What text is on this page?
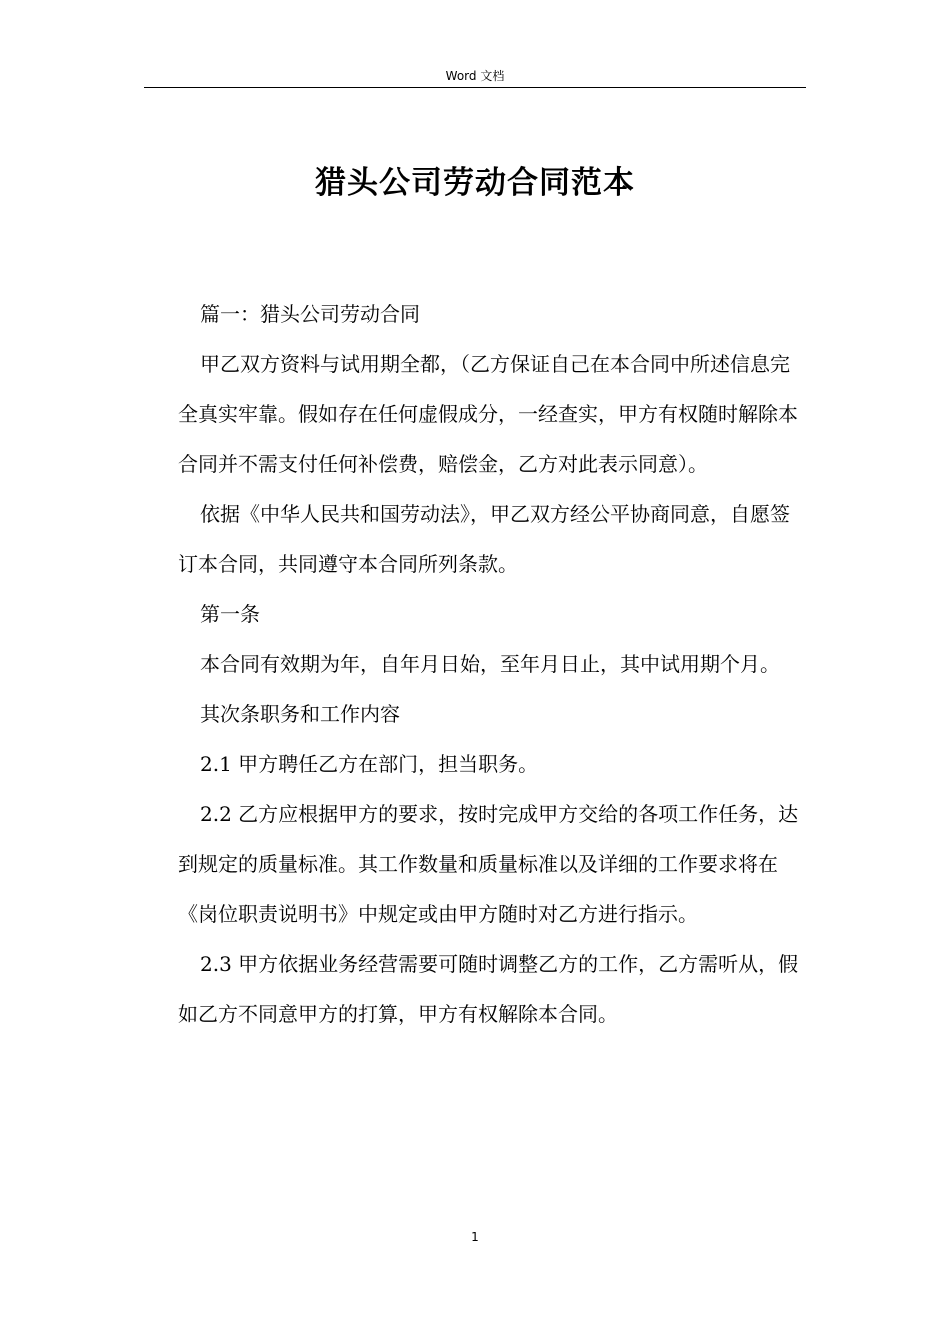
Word 文档
猎头公司劳动合同范本

篇一：猎头公司劳动合同

甲乙双方资料与试用期全都，（乙方保证自己在本合同中所述信息完全真实牢靠。假如存在任何虚假成分，一经查实，甲方有权随时解除本合同并不需支付任何补偿费，赔偿金，乙方对此表示同意）。

依据《中华人民共和国劳动法》，甲乙双方经公平协商同意，自愿签订本合同，共同遵守本合同所列条款。

第一条

本合同有效期为年，自年月日始，至年月日止，其中试用期个月。

其次条职务和工作内容

2.1 甲方聘任乙方在部门，担当职务。

2.2 乙方应根据甲方的要求，按时完成甲方交给的各项工作任务，达到规定的质量标准。其工作数量和质量标准以及详细的工作要求将在《岗位职责说明书》中规定或由甲方随时对乙方进行指示。

2.3 甲方依据业务经营需要可随时调整乙方的工作，乙方需听从，假如乙方不同意甲方的打算，甲方有权解除本合同。

1
